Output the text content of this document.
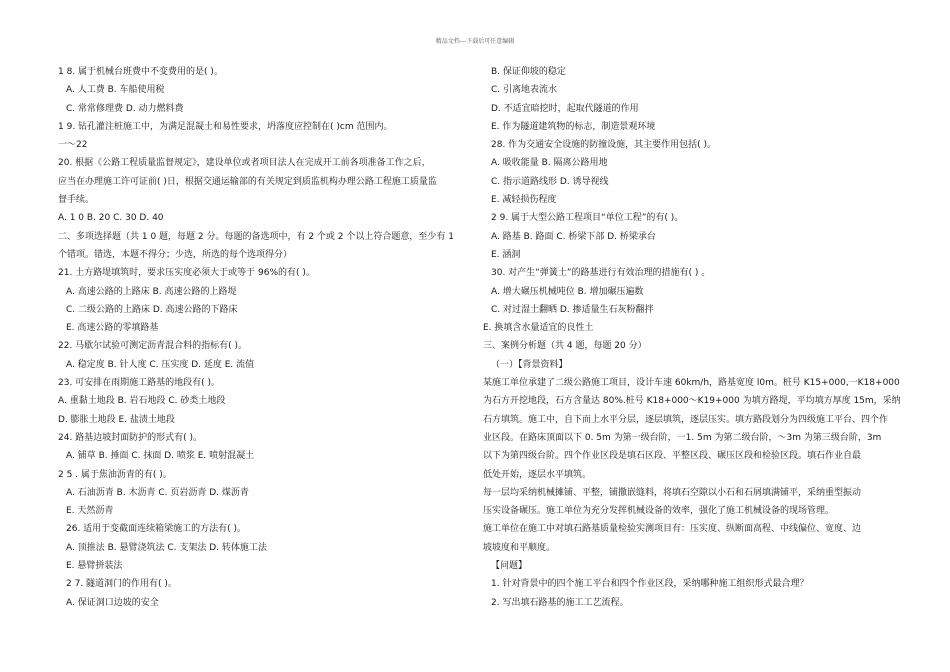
精品文档---下载后可任意编辑
1 8. 属于机械台班费中不变费用的是( )。
A. 人工费 B. 车船使用税
C. 常常修理费 D. 动力燃料费
1 9. 钻孔灌注桩施工中，为满足混凝土和易性要求，坍落度应控制在( )cm 范围内。
一～22
20. 根据《公路工程质量监督规定》，建设单位或者项目法人在完成开工前各项准备工作之后，
应当在办理施工许可证前( )日，根据交通运输部的有关规定到质监机构办理公路工程施工质量监
督手续。
A. 1 0 B. 20 C. 30 D. 40
二、多项选择题（共 1 0 题，每题 2 分。每题的备选项中，有 2 个或 2 个以上符合题意，至少有 1
个错项。错选，本题不得分；少选，所选的每个选项得分）
21. 土方路堤填筑时，要求压实度必须大于或等于 96%的有( )。
A. 高速公路的上路床 B. 高速公路的上路堤
C. 二级公路的上路床 D. 高速公路的下路床
E. 高速公路的零填路基
22. 马歇尔试验可测定沥青混合料的指标有( )。
A. 稳定度 B. 针人度 C. 压实度 D. 延度 E. 流值
23. 可安排在雨期施工路基的地段有( )。
A. 重黏土地段 B. 岩石地段 C. 砂类土地段
D. 膨胀土地段 E. 盐渍土地段
24. 路基边坡封面防护的形式有( )。
A. 铺草 B. 捶面 C. 抹面 D. 喷浆 E. 喷射混凝土
2 5 . 属于焦油沥青的有( )。
A. 石油沥青 B. 木沥青 C. 页岩沥青 D. 煤沥青
E. 天然沥青
26. 适用于变截面连续箱梁施工的方法有( )。
A. 顶推法 B. 悬臂浇筑法 C. 支架法 D. 转体施工法
E. 悬臂拼装法
2 7. 隧道洞门的作用有( )。
A. 保证洞口边坡的安全
B. 保证仰坡的稳定
C. 引离地表流水
D. 不适宜暗挖时，起取代隧道的作用
E. 作为隧道建筑物的标志，制造景观环境
28. 作为交通安全设施的防撞设施，其主要作用包括( )。
A. 吸收能量 B. 隔离公路用地
C. 指示道路线形 D. 诱导视线
E. 减轻损伤程度
2 9. 属于大型公路工程项目“单位工程”的有( )。
A. 路基 B. 路面 C. 桥梁下部 D. 桥梁承台
E. 涵洞
30. 对产生“弹簧土”的路基进行有效治理的措施有( ) 。
A. 增大碾压机械吨位 B. 增加碾压遍数
C. 对过湿土翻晒 D. 掺适量生石灰粉翻拌
E. 换填含水量适宜的良性土
三、案例分析题（共 4 题，每题 20 分）
（一）【背景资料】
某施工单位承建了二级公路施工项目，设计车速 60km/h，路基宽度 l0m。桩号 K15+000,一K18+000
为石方开挖地段，石方含量达 80%.桩号 K18+000～K19+000 为填方路堤，平均填方厚度 15m，采纳
石方填筑。施工中，自下而上水平分层，逐层填筑，逐层压实。填方路段划分为四级施工平台、四个作
业区段。在路床顶面以下 0. 5m 为第一级台阶，一1. 5m 为第二级台阶，～3m 为第三级台阶，3m
以下为第四级台阶。四个作业区段是填石区段、平整区段、碾压区段和检验区段。填石作业自最
低处开始，逐层水平填筑。
每一层均采纳机械摊铺、平整，铺撒嵌缝料，将填石空隙以小石和石屑填满铺平，采纳重型振动
压实设备碾压。施工单位为充分发挥机械设备的效率，强化了施工机械设备的现场管理。
施工单位在施工中对填石路基质量检验实测项目有：压实度、纵断面高程、中线偏位、宽度、边
坡坡度和平顺度。
【问题】
1. 针对背景中的四个施工平台和四个作业区段，采纳哪种施工组织形式最合理？
2. 写出填石路基的施工工艺流程。
